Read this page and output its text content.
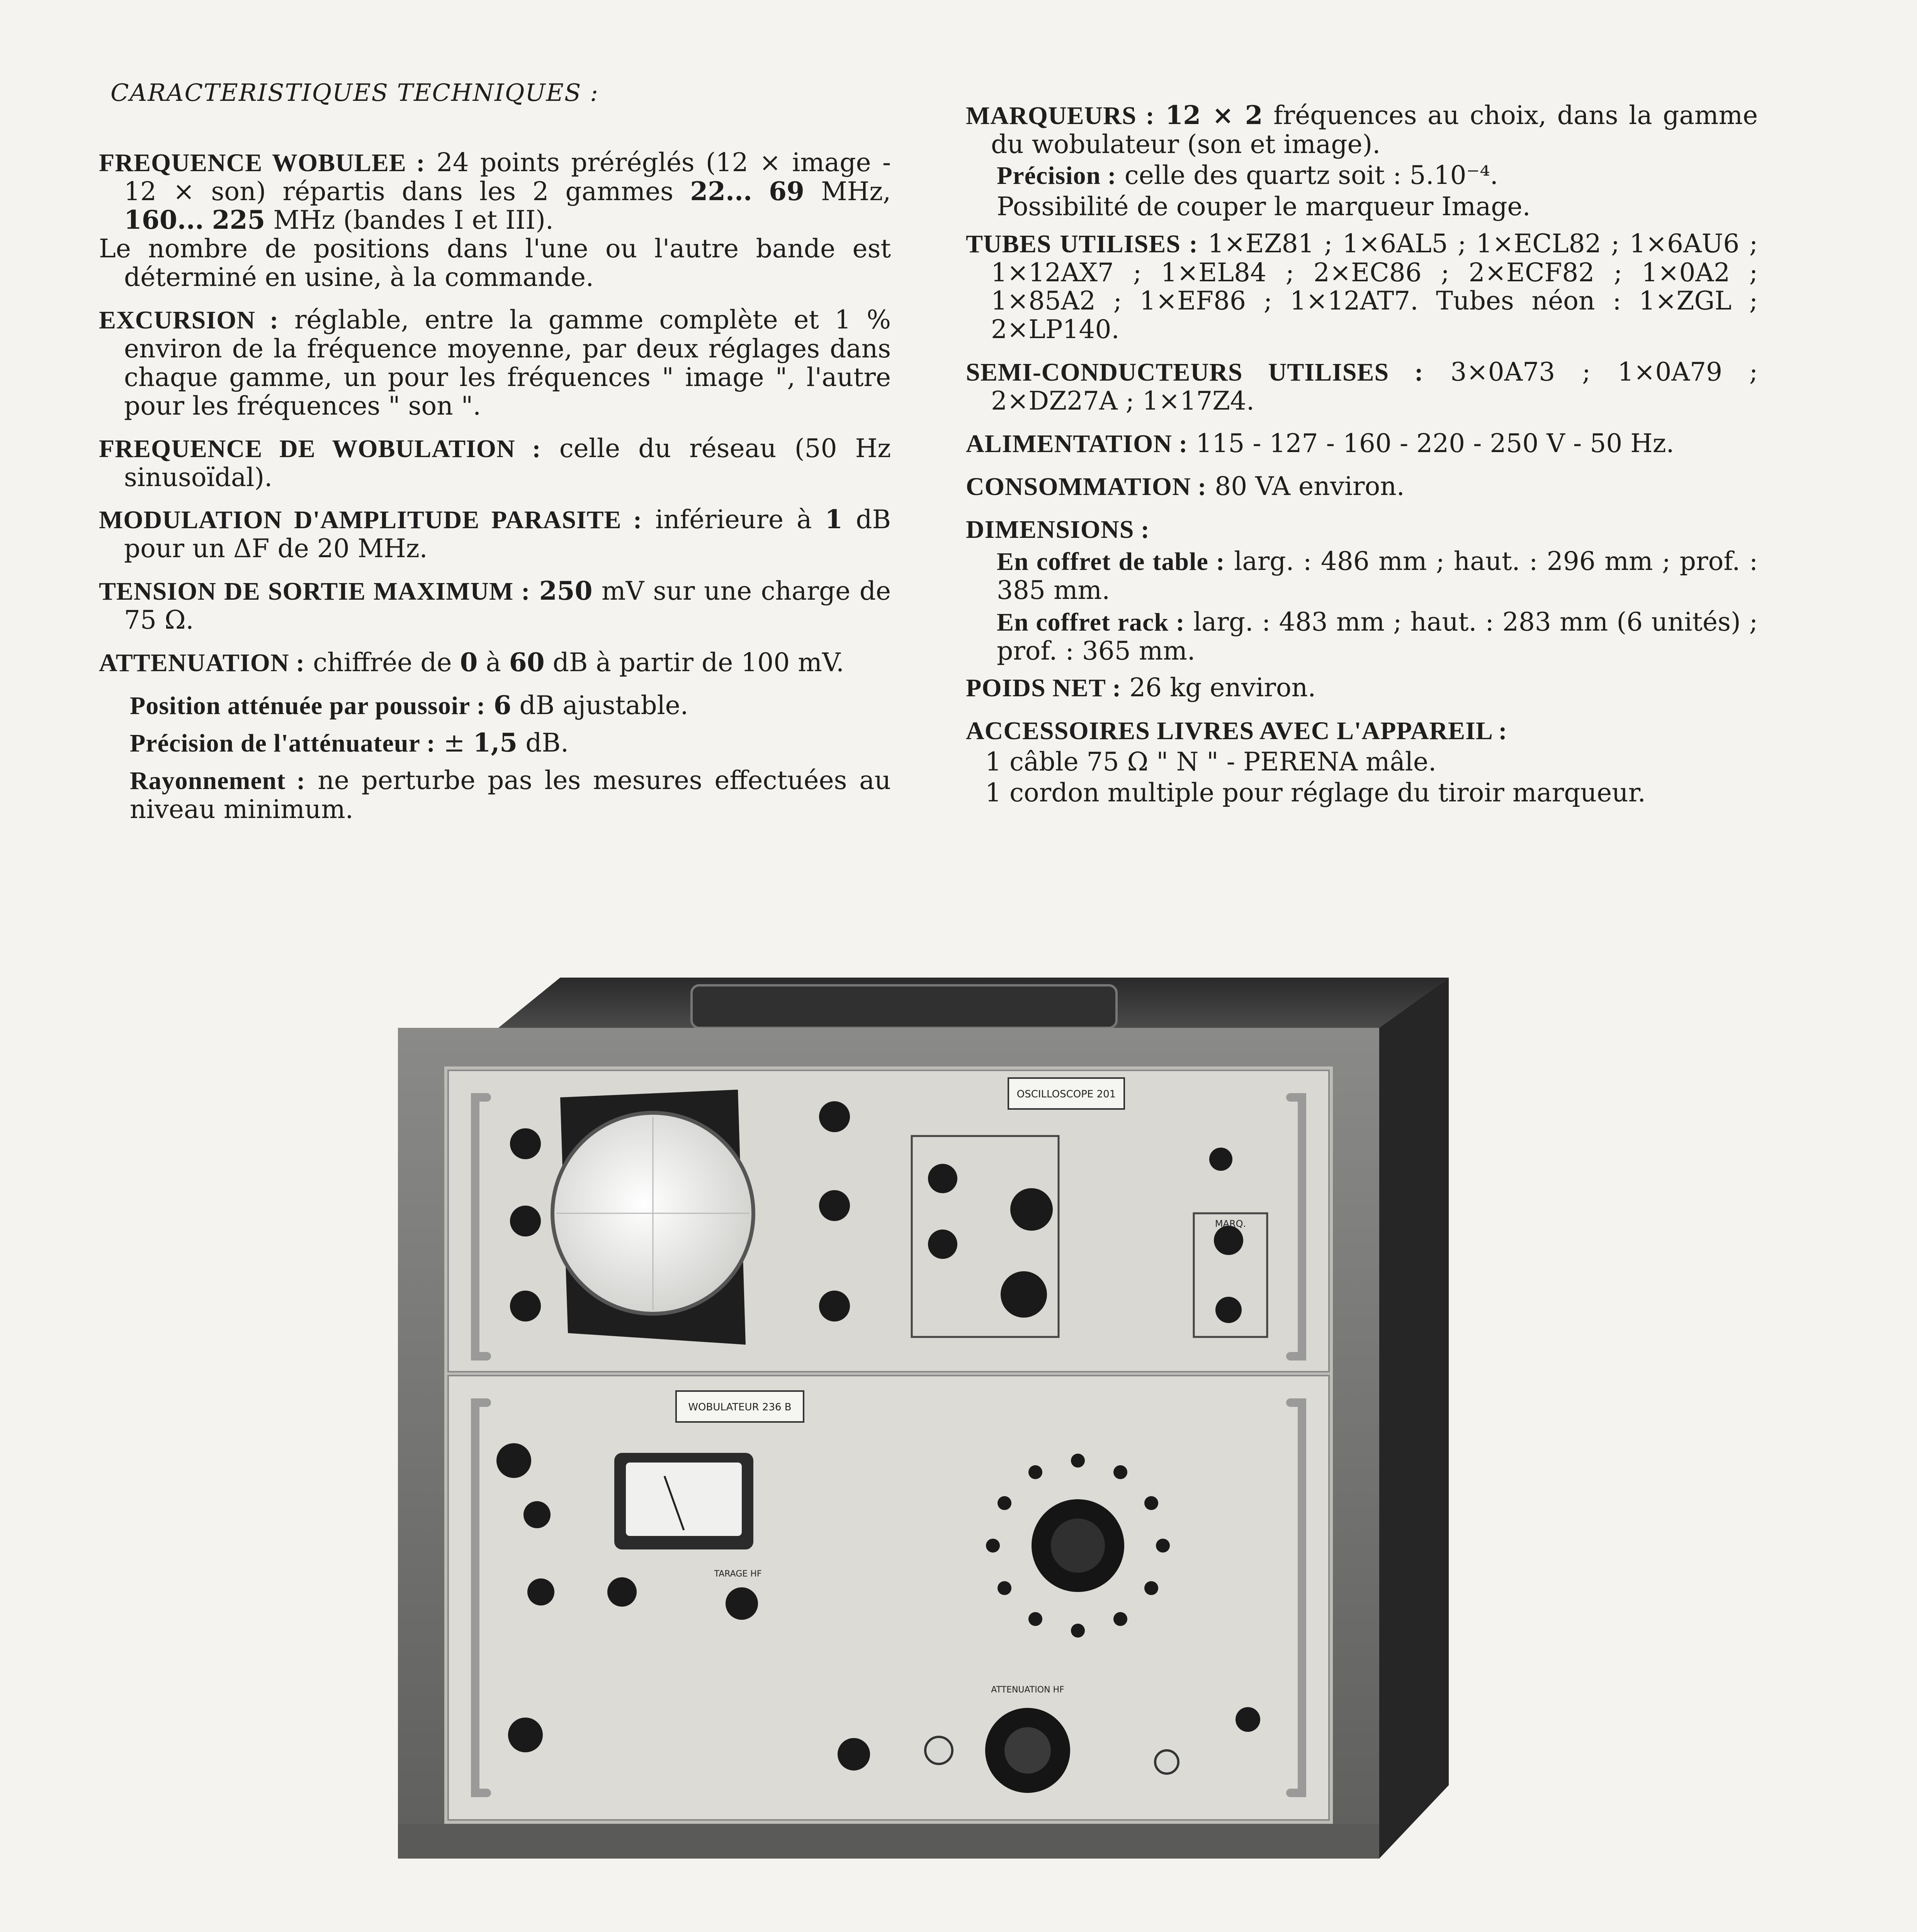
CARACTERISTIQUES TECHNIQUES :

FREQUENCE WOBULEE : 24 points préréglés (12 × image - 12 × son) répartis dans les 2 gammes 22... 69 MHz, 160... 225 MHz (bandes I et III).
Le nombre de positions dans l'une ou l'autre bande est déterminé en usine, à la commande.

EXCURSION : réglable, entre la gamme complète et 1 % environ de la fréquence moyenne, par deux réglages dans chaque gamme, un pour les fréquences " image ", l'autre pour les fréquences " son ".

FREQUENCE DE WOBULATION : celle du réseau (50 Hz sinusoïdal).

MODULATION D'AMPLITUDE PARASITE : inférieure à 1 dB pour un ΔF de 20 MHz.

TENSION DE SORTIE MAXIMUM : 250 mV sur une charge de 75 Ω.

ATTENUATION : chiffrée de 0 à 60 dB à partir de 100 mV.

Position atténuée par poussoir : 6 dB ajustable.

Précision de l'atténuateur : ± 1,5 dB.

Rayonnement : ne perturbe pas les mesures effectuées au niveau minimum.

MARQUEURS : 12 × 2 fréquences au choix, dans la gamme du wobulateur (son et image).

Précision : celle des quartz soit : 5.10⁻⁴.

Possibilité de couper le marqueur Image.

TUBES UTILISES : 1×EZ81 ; 1×6AL5 ; 1×ECL82 ; 1×6AU6 ; 1×12AX7 ; 1×EL84 ; 2×EC86 ; 2×ECF82 ; 1×0A2 ; 1×85A2 ; 1×EF86 ; 1×12AT7. Tubes néon : 1×ZGL ; 2×LP140.

SEMI-CONDUCTEURS UTILISES : 3×0A73 ; 1×0A79 ; 2×DZ27A ; 1×17Z4.

ALIMENTATION : 115 - 127 - 160 - 220 - 250 V - 50 Hz.

CONSOMMATION : 80 VA environ.

DIMENSIONS :

En coffret de table : larg. : 486 mm ; haut. : 296 mm ; prof. : 385 mm.

En coffret rack : larg. : 483 mm ; haut. : 283 mm (6 unités) ; prof. : 365 mm.

POIDS NET : 26 kg environ.

ACCESSOIRES LIVRES AVEC L'APPAREIL :

1 câble 75 Ω " N " - PERENA mâle.

1 cordon multiple pour réglage du tiroir marqueur.

OSCILLOSCOPE 201
WOBULATEUR 236 B
MARQ.
TARAGE HF
ATTENUATION HF
